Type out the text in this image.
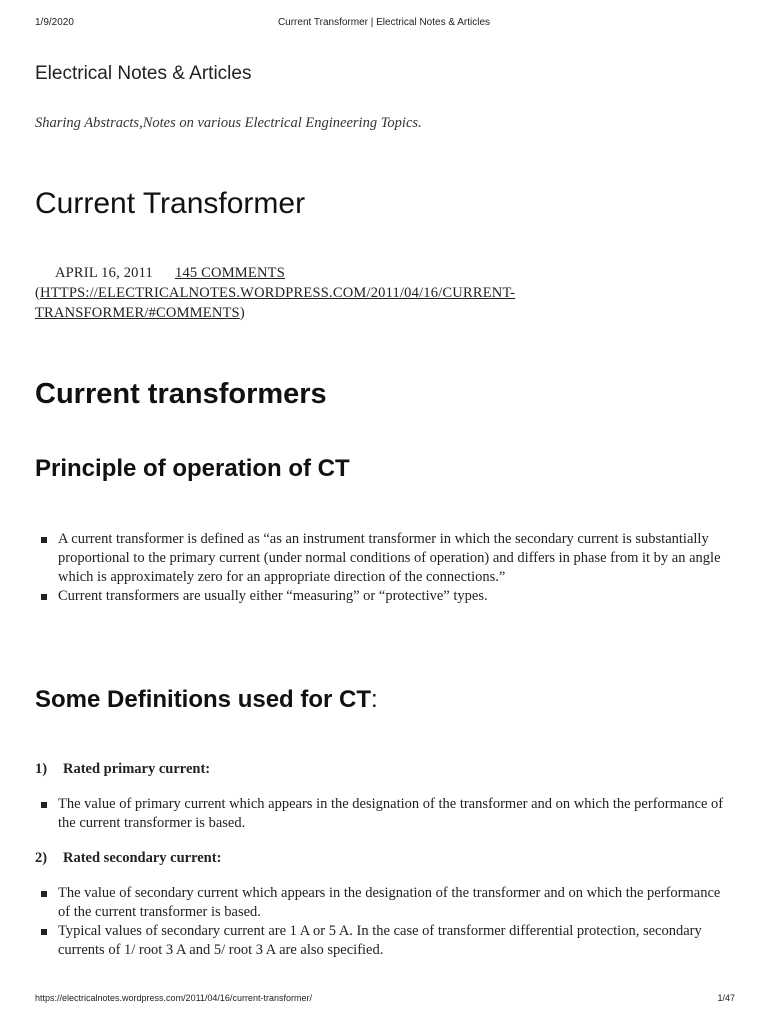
1/9/2020	Current Transformer | Electrical Notes & Articles
Electrical Notes & Articles
Sharing Abstracts,Notes on various Electrical Engineering Topics.
Current Transformer
APRIL 16, 2011 145 COMMENTS
(HTTPS://ELECTRICALNOTES.WORDPRESS.COM/2011/04/16/CURRENT-
TRANSFORMER/#COMMENTS)
Current transformers
Principle of operation of CT
A current transformer is defined as “as an instrument transformer in which the secondary current is substantially proportional to the primary current (under normal conditions of operation) and differs in phase from it by an angle which is approximately zero for an appropriate direction of the connections.”
Current transformers are usually either “measuring” or “protective” types.
Some Definitions used for CT:
1) Rated primary current:
The value of primary current which appears in the designation of the transformer and on which the performance of the current transformer is based.
2) Rated secondary current:
The value of secondary current which appears in the designation of the transformer and on which the performance of the current transformer is based.
Typical values of secondary current are 1 A or 5 A. In the case of transformer differential protection, secondary currents of 1/ root 3 A and 5/ root 3 A are also specified.
https://electricalnotes.wordpress.com/2011/04/16/current-transformer/	1/47
